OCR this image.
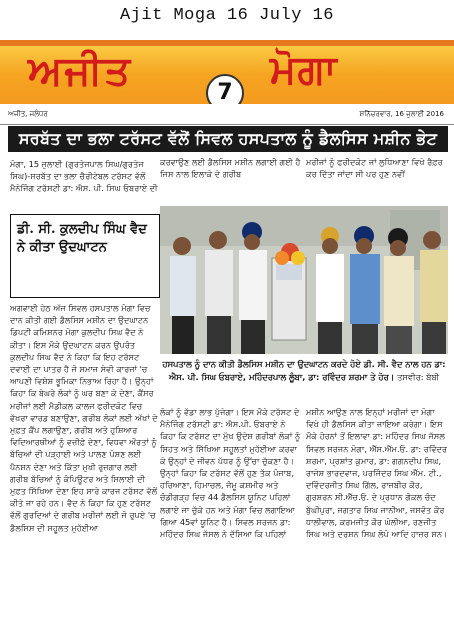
Ajit Moga 16 July 16
ਅਜੀਤ	7 ਮੋਗਾ
ਅਜੀਤ, ਜਲੰਧਰ	ਸ਼ਨਿੱਚਰਵਾਰ, 16 ਜੁਲਾਈ 2016
ਸਰਬੱਤ ਦਾ ਭਲਾ ਟਰੱਸਟ ਵੱਲੋਂ ਸਿਵਲ ਹਸਪਤਾਲ ਨੂੰ ਡੈਲਸਿਸ ਮਸ਼ੀਨ ਭੇਟ

ਮੋਗਾ, 15 ਜੁਲਾਈ (ਗੁਰਤੇਜਪਾਲ ਸਿਘ/ਗੁਰਤੇਜ ਸਿਘ)-ਸਰਬੱਤ ਦਾ ਭਲਾ ਚੈਰੀਟੇਬਲ ਟਰੱਸਟ ਵੱਲੋਂ ਮੈਨੇਜਿੰਗ ਟਰੱਸਟੀ ਡਾ: ਐਸ. ਪੀ. ਸਿਘ ਓਬਰਾਏ ਦੀ

ਕਰਵਾਉਣ ਲਈ ਡੈਲਸਿਸ ਮਸ਼ੀਨ ਲਗਾਈ ਗਈ ਹੈ ਜਿਸ ਨਾਲ ਇਲਾਕੇ ਦੇ ਗਰੀਬ

ਮਰੀਜਾਂ ਨੂੰ ਫਰੀਦਕੋਟ ਜਾਂ ਲੁਧਿਆਣਾ ਵਿਖੇ ਰੈਫ਼ਰ ਕਰ ਦਿੱਤਾ ਜਾਂਦਾ ਸੀ ਪਰ ਹੁਣ ਨਵੀਂ

ਡੀ. ਸੀ. ਕੁਲਦੀਪ ਸਿੰਘ ਵੈਦ ਨੇ ਕੀਤਾ ਉਦਘਾਟਨ

ਅਗਵਾਈ ਹੇਠ ਅੱਜ ਸਿਵਲ ਹਸਪਤਾਲ ਮੋਗਾ ਵਿਚ ਦਾਨ ਕੀਤੀ ਗਈ ਡੈਲਸਿਸ ਮਸ਼ੀਨ ਦਾ ਉਦਘਾਟਨ ਡਿਪਟੀ ਕਮਿਸ਼ਨਰ ਮੋਗਾ ਕੁਲਦੀਪ ਸਿਘ ਵੈਦ ਨੇ ਕੀਤਾ। ਇਸ ਮੌਕੇ ਉਦਘਾਟਨ ਕਰਨ ਉਪਰੰਤ ਕੁਲਦੀਪ ਸਿਘ ਵੈਦ ਨੇ ਕਿਹਾ ਕਿ ਇਹ ਟਰੱਸਟ ਦਵਾਈ ਦਾ ਪਾਤਰ ਹੈ ਜੋ ਸਮਾਜ ਸੇਵੀ ਕਾਰਜਾਂ 'ਚ ਆਪਣੀ ਵਿਸ਼ੇਸ਼ ਭੂਮਿਕਾ ਨਿਭਾਅ ਰਿਹਾ ਹੈ। ਉਨ੍ਹਾਂ ਕਿਹਾ ਕਿ ਬੇਘਰੇ ਲੋਕਾਂ ਨੂੰ ਘਰ ਬਣਾ ਕੇ ਦੇਣਾ, ਕੈਂਸਰ ਮਰੀਜਾਂ ਲਈ ਮੈਡੀਕਲ ਕਾਲਜ ਫਰੀਦਕੋਟ ਵਿਚ ਵੱਖਰਾ ਵਾਰਡ ਬਣਾਉਣਾ, ਗਰੀਬ ਲੋਕਾਂ ਲਈ ਅੱਖਾਂ ਦੇ ਮੁਫ਼ਤ ਕੈਂਪ ਲਗਾਉਣਾ, ਗਰੀਬ ਅਤੇ ਹੁਸ਼ਿਆਰ ਵਿਦਿਆਰਥੀਆਂ ਨੂੰ ਵਜ਼ੀਫ਼ੇ ਦੇਣਾ, ਵਿਧਵਾ ਔਰਤਾਂ ਨੂੰ ਬੱਚਿਆਂ ਦੀ ਪੜ੍ਹਾਈ ਅਤੇ ਪਾਲਣ ਪੋਸ਼ਣ ਲਈ ਪੈਨਸ਼ਨ ਦੇਣਾ ਅਤੇ ਕਿੱਤਾ ਮੁਖੀ ਰੁਜ਼ਗਾਰ ਲਈ ਗਰੀਬ ਬੱਚਿਆਂ ਨੂੰ ਕੰਪਿਊਟਰ ਅਤੇ ਸਿਲਾਈ ਦੀ ਮੁਫ਼ਤ ਸਿੱਖਿਆ ਦੇਣਾ ਇਹ ਸਾਰੇ ਕਾਰਜ ਟਰੱਸਟ ਵੱਲੋਂ ਕੀਤੇ ਜਾ ਰਹੇ ਹਨ। ਵੈਦ ਨੇ ਕਿਹਾ ਕਿ ਹੁਣ ਟਰੱਸਟ ਵੱਲੋਂ ਗੁਰਦਿਆਂ ਦੇ ਗਰੀਬ ਮਰੀਜਾਂ ਲਈ ਜੋ ਰੁਪਏ 'ਚ ਡੈਲਸਿਸ ਦੀ ਸਹੂਲਤ ਮੁਹੱਈਆ

ਹਸਪਤਾਲ ਨੂੰ ਦਾਨ ਕੀਤੀ ਡੈਲਸਿਸ ਮਸ਼ੀਨ ਦਾ ਉਦਘਾਟਨ ਕਰਦੇ ਹੋਏ ਡੀ. ਸੀ. ਵੈਦ ਨਾਲ ਹਨ ਡਾ: ਐਸ. ਪੀ. ਸਿਘ ਓਬਰਾਏ, ਮਹਿੰਦਰਪਾਲ ਲੂੰਬਾ, ਡਾ: ਰਵਿੰਦਰ ਸ਼ਰਮਾ ਤੇ ਹੋਰ। ਤਸਵੀਰ: ਬੱਬੀ

ਲੋਕਾਂ ਨੂੰ ਵੱਡਾ ਲਾਭ ਪੁੱਜੇਗਾ। ਇਸ ਮੌਕੇ ਟਰੱਸਟ ਦੇ ਮੈਨੇਜਿੰਗ ਟਰੱਸਟੀ ਡਾ: ਐਸ.ਪੀ. ਓਬਰਾਏ ਨੇ ਕਿਹਾ ਕਿ ਟਰੱਸਟ ਦਾ ਮੁੱਖ ਉਦੇਸ਼ ਗਰੀਬਾਂ ਲੋਕਾਂ ਨੂੰ ਸਿਹਤ ਅਤੇ ਸਿੱਖਿਆ ਸਹੂਲਤਾਂ ਮੁਹੱਈਆ ਕਰਵਾ ਕੇ ਉਨ੍ਹਾਂ ਦੇ ਜੀਵਨ ਪੱਧਰ ਨੂੰ ਉੱਚਾ ਚੁੱਕਣਾ ਹੈ। ਉਨ੍ਹਾਂ ਕਿਹਾ ਕਿ ਟਰੱਸਟ ਵੱਲੋਂ ਹੁਣ ਤੱਕ ਪੰਜਾਬ, ਹਰਿਆਣਾ, ਹਿਮਾਚਲ, ਜੰਮੂ ਕਸ਼ਮੀਰ ਅਤੇ ਚੰਡੀਗੜ੍ਹ ਵਿਚ 44 ਡੈਲਸਿਸ ਯੂਨਿਟ ਪਹਿਲਾਂ ਲਗਾਏ ਜਾ ਚੁੱਕੇ ਹਨ ਅਤੇ ਮੋਗਾ ਵਿਚ ਲਗਾਇਆ ਗਿਆ 45ਵਾਂ ਯੂਨਿਟ ਹੈ। ਸਿਵਲ ਸਰਜਨ ਡਾ: ਮਹਿੰਦਰ ਸਿਘ ਜੱਸਲ ਨੇ ਦੱਸਿਆ ਕਿ ਪਹਿਲਾਂ

ਮਸ਼ੀਨ ਆਉਣ ਨਾਲ ਇਨ੍ਹਾਂ ਮਰੀਜਾਂ ਦਾ ਮੋਗਾ ਵਿਖੇ ਹੀ ਡੈਲਸਿਸ ਕੀਤਾ ਜਾਇਆ ਕਰੇਗਾ। ਇਸ ਮੌਕੇ ਹੋਰਨਾਂ ਤੋਂ ਇਲਾਵਾ ਡਾ: ਮਹਿੰਦਰ ਸਿਘ ਜੱਸਲ ਸਿਵਲ ਸਰਜਨ ਮੋਗਾ, ਐੱਸ.ਐੱਮ.ਓ. ਡਾ: ਰਵਿੰਦਰ ਸ਼ਰਮਾ, ਪ੍ਰਸ਼ਾਂਤ ਕੁਮਾਰ, ਡਾ: ਗਗਨਦੀਪ ਸਿਘ, ਰਾਜੇਸ਼ ਭਾਰਦਵਾਜ, ਪਰਜਿੰਦਰ ਸਿਘ ਐੱਮ. ਟੀ., ਦਵਿੰਦਰਜੀਤ ਸਿਘ ਗਿੱਲ, ਰਾਜਬੀਰ ਕੌਰ, ਗੁਰਸ਼ਰਨ ਸੀ.ਐੱਚ.ਓ. ਦੇ ਪ੍ਰਧਾਨ ਗੋਕਲ ਚੰਦ ਬੁੱਘੀਪੁਰਾ, ਜਗਤਾਰ ਸਿਘ ਜਾਨੀਆ, ਜਸਵੰਤ ਕੌਰ ਧਾਲੀਵਾਲ, ਕਰਮਜੀਤ ਕੌਰ ਘੋਲੀਆ, ਰਣਜੀਤ ਸਿਘ ਅਤੇ ਦਰਸ਼ਨ ਸਿਘ ਲੋਪੋ ਆਦਿ ਹਾਜ਼ਰ ਸਨ।
